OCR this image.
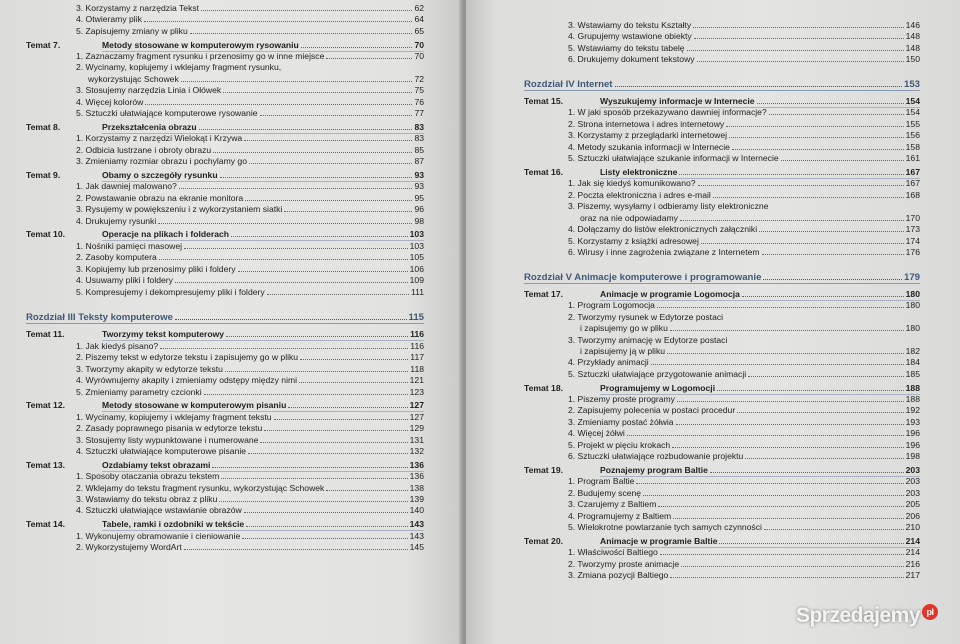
3. Korzystamy z narzędzia Tekst	62
4. Otwieramy plik	64
5. Zapisujemy zmiany w pliku	65
Temat 7.	Metody stosowane w komputerowym rysowaniu	70
1. Zaznaczamy fragment rysunku i przenosimy go w inne miejsce	70
2. Wycinamy, kopiujemy i wklejamy fragment rysunku,
wykorzystując Schowek	72
3. Stosujemy narzędzia Linia i Ołówek	75
4. Więcej kolorów	76
5. Sztuczki ułatwiające komputerowe rysowanie	77
Temat 8.	Przekształcenia obrazu	83
1. Korzystamy z narzędzi Wielokąt i Krzywa	83
2. Odbicia lustrzane i obroty obrazu	85
3. Zmieniamy rozmiar obrazu i pochylamy go	87
Temat 9.	Obamy o szczegóły rysunku	93
1. Jak dawniej malowano?	93
2. Powstawanie obrazu na ekranie monitora	95
3. Rysujemy w powiększeniu i z wykorzystaniem siatki	96
4. Drukujemy rysunki	98
Temat 10.	Operacje na plikach i folderach	103
1. Nośniki pamięci masowej	103
2. Zasoby komputera	105
3. Kopiujemy lub przenosimy pliki i foldery	106
4. Usuwamy pliki i foldery	109
5. Kompresujemy i dekompresujemy pliki i foldery	111
Rozdział III Teksty komputerowe	115
Temat 11.	Tworzymy tekst komputerowy	116
1. Jak kiedyś pisano?	116
2. Piszemy tekst w edytorze tekstu i zapisujemy go w pliku	117
3. Tworzymy akapity w edytorze tekstu	118
4. Wyrównujemy akapity i zmieniamy odstępy między nimi	121
5. Zmieniamy parametry czcionki	123
Temat 12.	Metody stosowane w komputerowym pisaniu	127
1. Wycinamy, kopiujemy i wklejamy fragment tekstu	127
2. Zasady poprawnego pisania w edytorze tekstu	129
3. Stosujemy listy wypunktowane i numerowane	131
4. Sztuczki ułatwiające komputerowe pisanie	132
Temat 13.	Ozdabiamy tekst obrazami	136
1. Sposoby otaczania obrazu tekstem	136
2. Wklejamy do tekstu fragment rysunku, wykorzystując Schowek	138
3. Wstawiamy do tekstu obraz z pliku	139
4. Sztuczki ułatwiające wstawianie obrazów	140
Temat 14.	Tabele, ramki i ozdobniki w tekście	143
1. Wykonujemy obramowanie i cieniowanie	143
2. Wykorzystujemy WordArt	145
3. Wstawiamy do tekstu Kształty	146
4. Grupujemy wstawione obiekty	148
5. Wstawiamy do tekstu tabelę	148
6. Drukujemy dokument tekstowy	150
Rozdział IV Internet	153
Temat 15.	Wyszukujemy informacje w Internecie	154
1. W jaki sposób przekazywano dawniej informacje?	154
2. Strona internetowa i adres internetowy	155
3. Korzystamy z przeglądarki internetowej	156
4. Metody szukania informacji w Internecie	158
5. Sztuczki ułatwiające szukanie informacji w Internecie	161
Temat 16.	Listy elektroniczne	167
1. Jak się kiedyś komunikowano?	167
2. Poczta elektroniczna i adres e-mail	168
3. Piszemy, wysyłamy i odbieramy listy elektroniczne
oraz na nie odpowiadamy	170
4. Dołączamy do listów elektronicznych załączniki	173
5. Korzystamy z książki adresowej	174
6. Wirusy i inne zagrożenia związane z Internetem	176
Rozdział V Animacje komputerowe i programowanie	179
Temat 17.	Animacje w programie Logomocja	180
1. Program Logomocja	180
2. Tworzymy rysunek w Edytorze postaci
i zapisujemy go w pliku	180
3. Tworzymy animację w Edytorze postaci
i zapisujemy ją w pliku	182
4. Przykłady animacji	184
5. Sztuczki ułatwiające przygotowanie animacji	185
Temat 18.	Programujemy w Logomocji	188
1. Piszemy proste programy	188
2. Zapisujemy polecenia w postaci procedur	192
3. Zmieniamy postać żółwia	193
4. Więcej żółwi	196
5. Projekt w pięciu krokach	196
6. Sztuczki ułatwiające rozbudowanie projektu	198
Temat 19.	Poznajemy program Baltie	203
1. Program Baltie	203
2. Budujemy scenę	203
3. Czarujemy z Baltiem	205
4. Programujemy z Baltiem	206
5. Wielokrotne powtarzanie tych samych czynności	210
Temat 20.	Animacje w programie Baltie	214
1. Właściwości Baltiego	214
2. Tworzymy proste animacje	216
3. Zmiana pozycji Baltiego	217
Sprzedajemy pl
